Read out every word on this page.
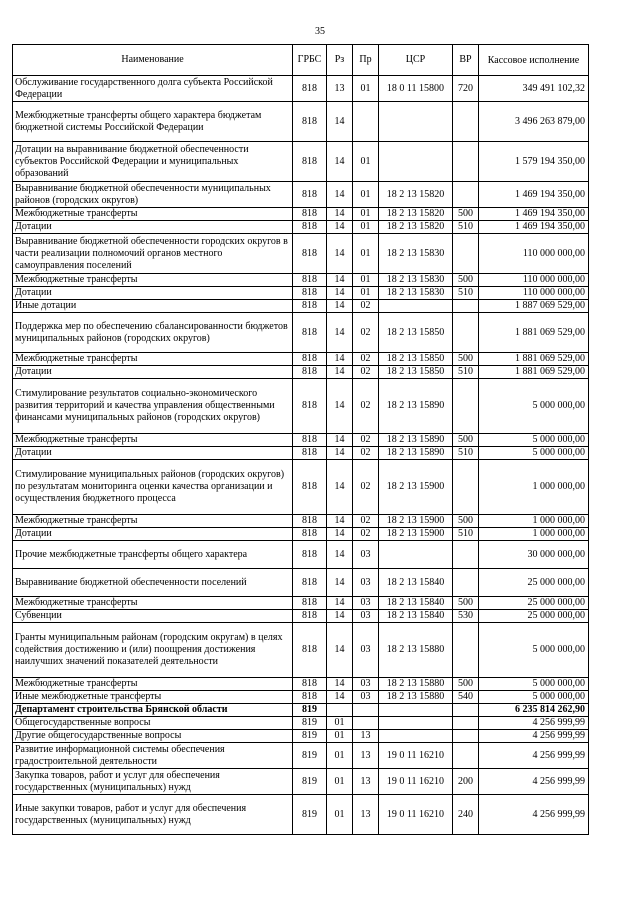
35
Наименование	ГРБС	Рз	Пр	ЦСР	ВР	Кассовое исполнение
Обслуживание государственного долга субъекта Российской Федерации	818	13	01	18 0 11 15800	720	349 491 102,32
Межбюджетные трансферты общего характера бюджетам бюджетной системы Российской Федерации	818	14				3 496 263 879,00
Дотации на выравнивание бюджетной обеспеченности субъектов Российской Федерации и муниципальных образований	818	14	01			1 579 194 350,00
Выравнивание бюджетной обеспеченности муниципальных районов (городских округов)	818	14	01	18 2 13 15820		1 469 194 350,00
Межбюджетные трансферты	818	14	01	18 2 13 15820	500	1 469 194 350,00
Дотации	818	14	01	18 2 13 15820	510	1 469 194 350,00
Выравнивание бюджетной обеспеченности городских округов в части реализации полномочий органов местного самоуправления поселений	818	14	01	18 2 13 15830		110 000 000,00
Межбюджетные трансферты	818	14	01	18 2 13 15830	500	110 000 000,00
Дотации	818	14	01	18 2 13 15830	510	110 000 000,00
Иные дотации	818	14	02			1 887 069 529,00
Поддержка мер по обеспечению сбалансированности бюджетов муниципальных районов (городских округов)	818	14	02	18 2 13 15850		1 881 069 529,00
Межбюджетные трансферты	818	14	02	18 2 13 15850	500	1 881 069 529,00
Дотации	818	14	02	18 2 13 15850	510	1 881 069 529,00
Стимулирование результатов социально-экономического развития территорий и качества управления общественными финансами муниципальных районов (городских округов)	818	14	02	18 2 13 15890		5 000 000,00
Межбюджетные трансферты	818	14	02	18 2 13 15890	500	5 000 000,00
Дотации	818	14	02	18 2 13 15890	510	5 000 000,00
Стимулирование муниципальных районов (городских округов) по результатам мониторинга оценки качества организации и осуществления бюджетного процесса	818	14	02	18 2 13 15900		1 000 000,00
Межбюджетные трансферты	818	14	02	18 2 13 15900	500	1 000 000,00
Дотации	818	14	02	18 2 13 15900	510	1 000 000,00
Прочие межбюджетные трансферты общего характера	818	14	03			30 000 000,00
Выравнивание бюджетной обеспеченности поселений	818	14	03	18 2 13 15840		25 000 000,00
Межбюджетные трансферты	818	14	03	18 2 13 15840	500	25 000 000,00
Субвенции	818	14	03	18 2 13 15840	530	25 000 000,00
Гранты муниципальным районам (городским округам) в целях содействия достижению и (или) поощрения достижения наилучших значений показателей деятельности	818	14	03	18 2 13 15880		5 000 000,00
Межбюджетные трансферты	818	14	03	18 2 13 15880	500	5 000 000,00
Иные межбюджетные трансферты	818	14	03	18 2 13 15880	540	5 000 000,00
Департамент строительства Брянской области	819					6 235 814 262,90
Общегосударственные вопросы	819	01				4 256 999,99
Другие общегосударственные вопросы	819	01	13			4 256 999,99
Развитие информационной системы обеспечения градостроительной деятельности	819	01	13	19 0 11 16210		4 256 999,99
Закупка товаров, работ и услуг для обеспечения государственных (муниципальных) нужд	819	01	13	19 0 11 16210	200	4 256 999,99
Иные закупки товаров, работ и услуг для обеспечения государственных (муниципальных) нужд	819	01	13	19 0 11 16210	240	4 256 999,99
